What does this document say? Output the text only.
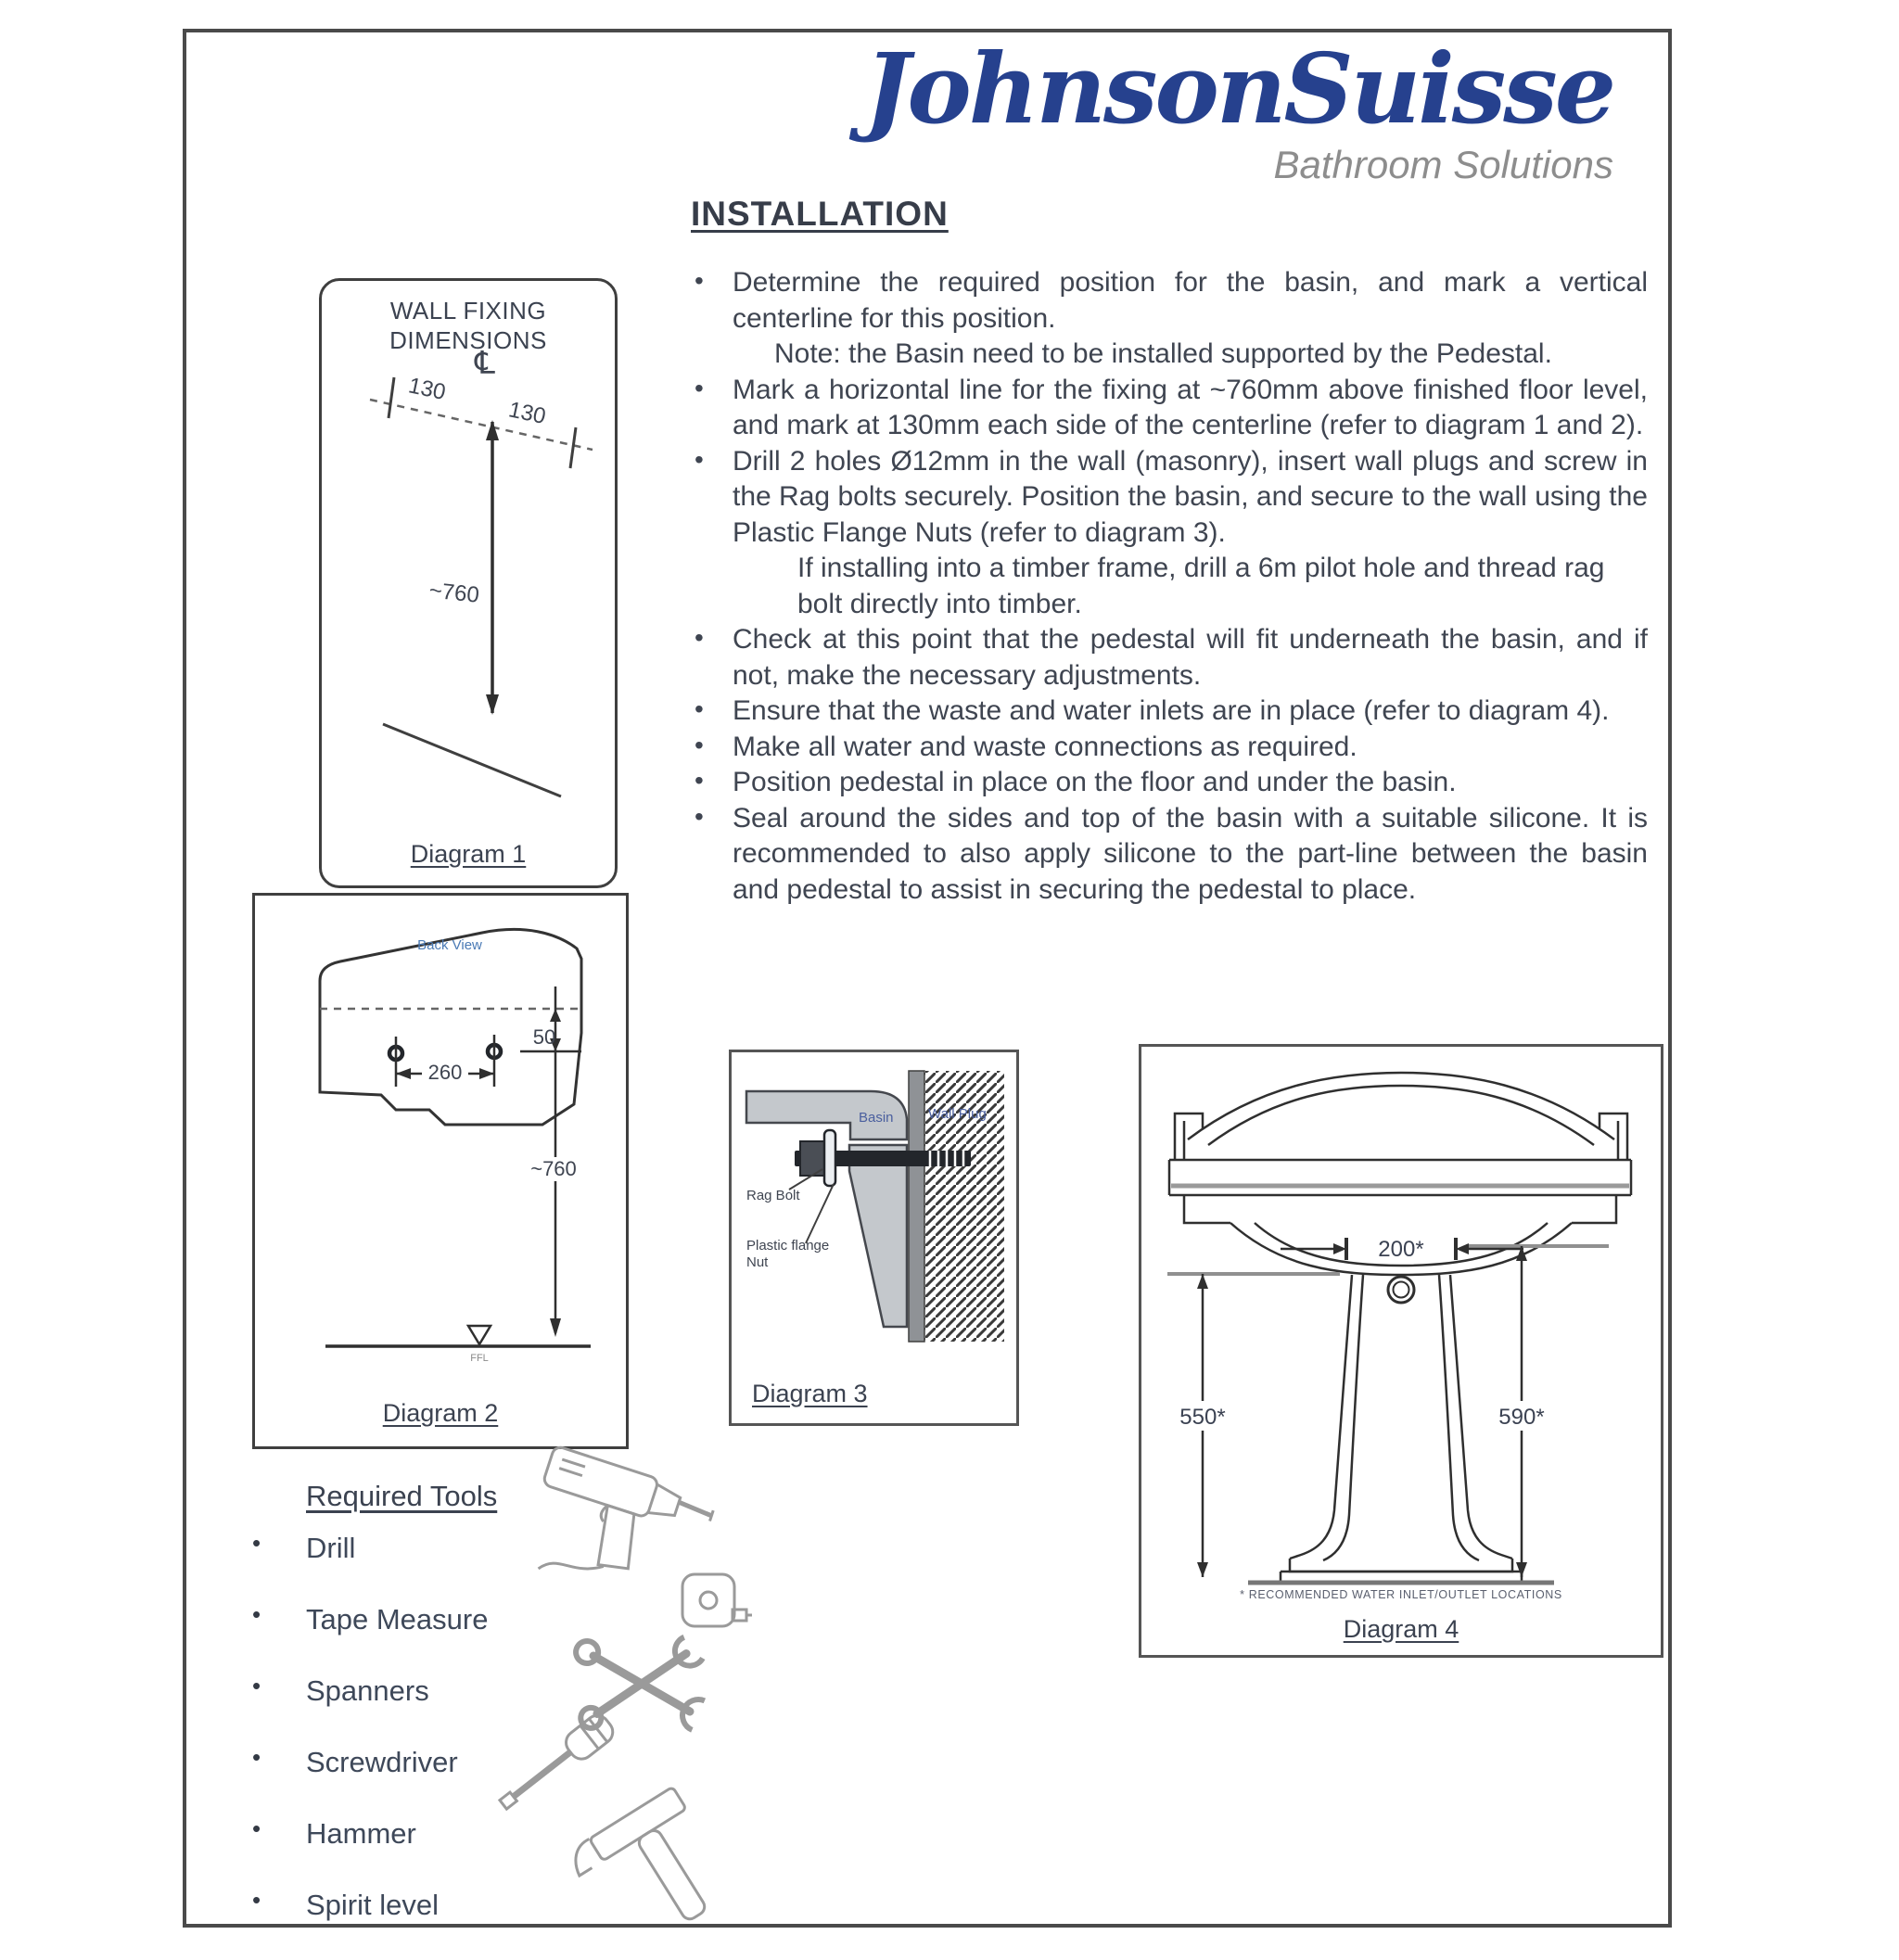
JohnsonSuisse
Bathroom Solutions
INSTALLATION
• Determine the required position for the basin, and mark a vertical centerline for this position.
Note: the Basin need to be installed supported by the Pedestal.
• Mark a horizontal line for the fixing at ~760mm above finished floor level, and mark at 130mm each side of the centerline (refer to diagram 1 and 2).
• Drill 2 holes Ø12mm in the wall (masonry), insert wall plugs and screw in the Rag bolts securely. Position the basin, and secure to the wall using the Plastic Flange Nuts (refer to diagram 3).
If installing into a timber frame, drill a 6m pilot hole and thread rag bolt directly into timber.
• Check at this point that the pedestal will fit underneath the basin, and if not, make the necessary adjustments.
• Ensure that the waste and water inlets are in place (refer to diagram 4).
• Make all water and waste connections as required.
• Position pedestal in place on the floor and under the basin.
• Seal around the sides and top of the basin with a suitable silicone. It is recommended to also apply silicone to the part-line between the basin and pedestal to assist in securing the pedestal to place.
WALL FIXING DIMENSIONS
℄
130
130
~760
Diagram 1
Back View
260
50
~760
FFL
Diagram 2
Basin Wall Plug
Rag Bolt
Plastic flange Nut
Diagram 3
200*
550*	590*
* RECOMMENDED WATER INLET/OUTLET LOCATIONS
Diagram 4
Required Tools
• Drill
• Tape Measure
• Spanners
• Screwdriver
• Hammer
• Spirit level
